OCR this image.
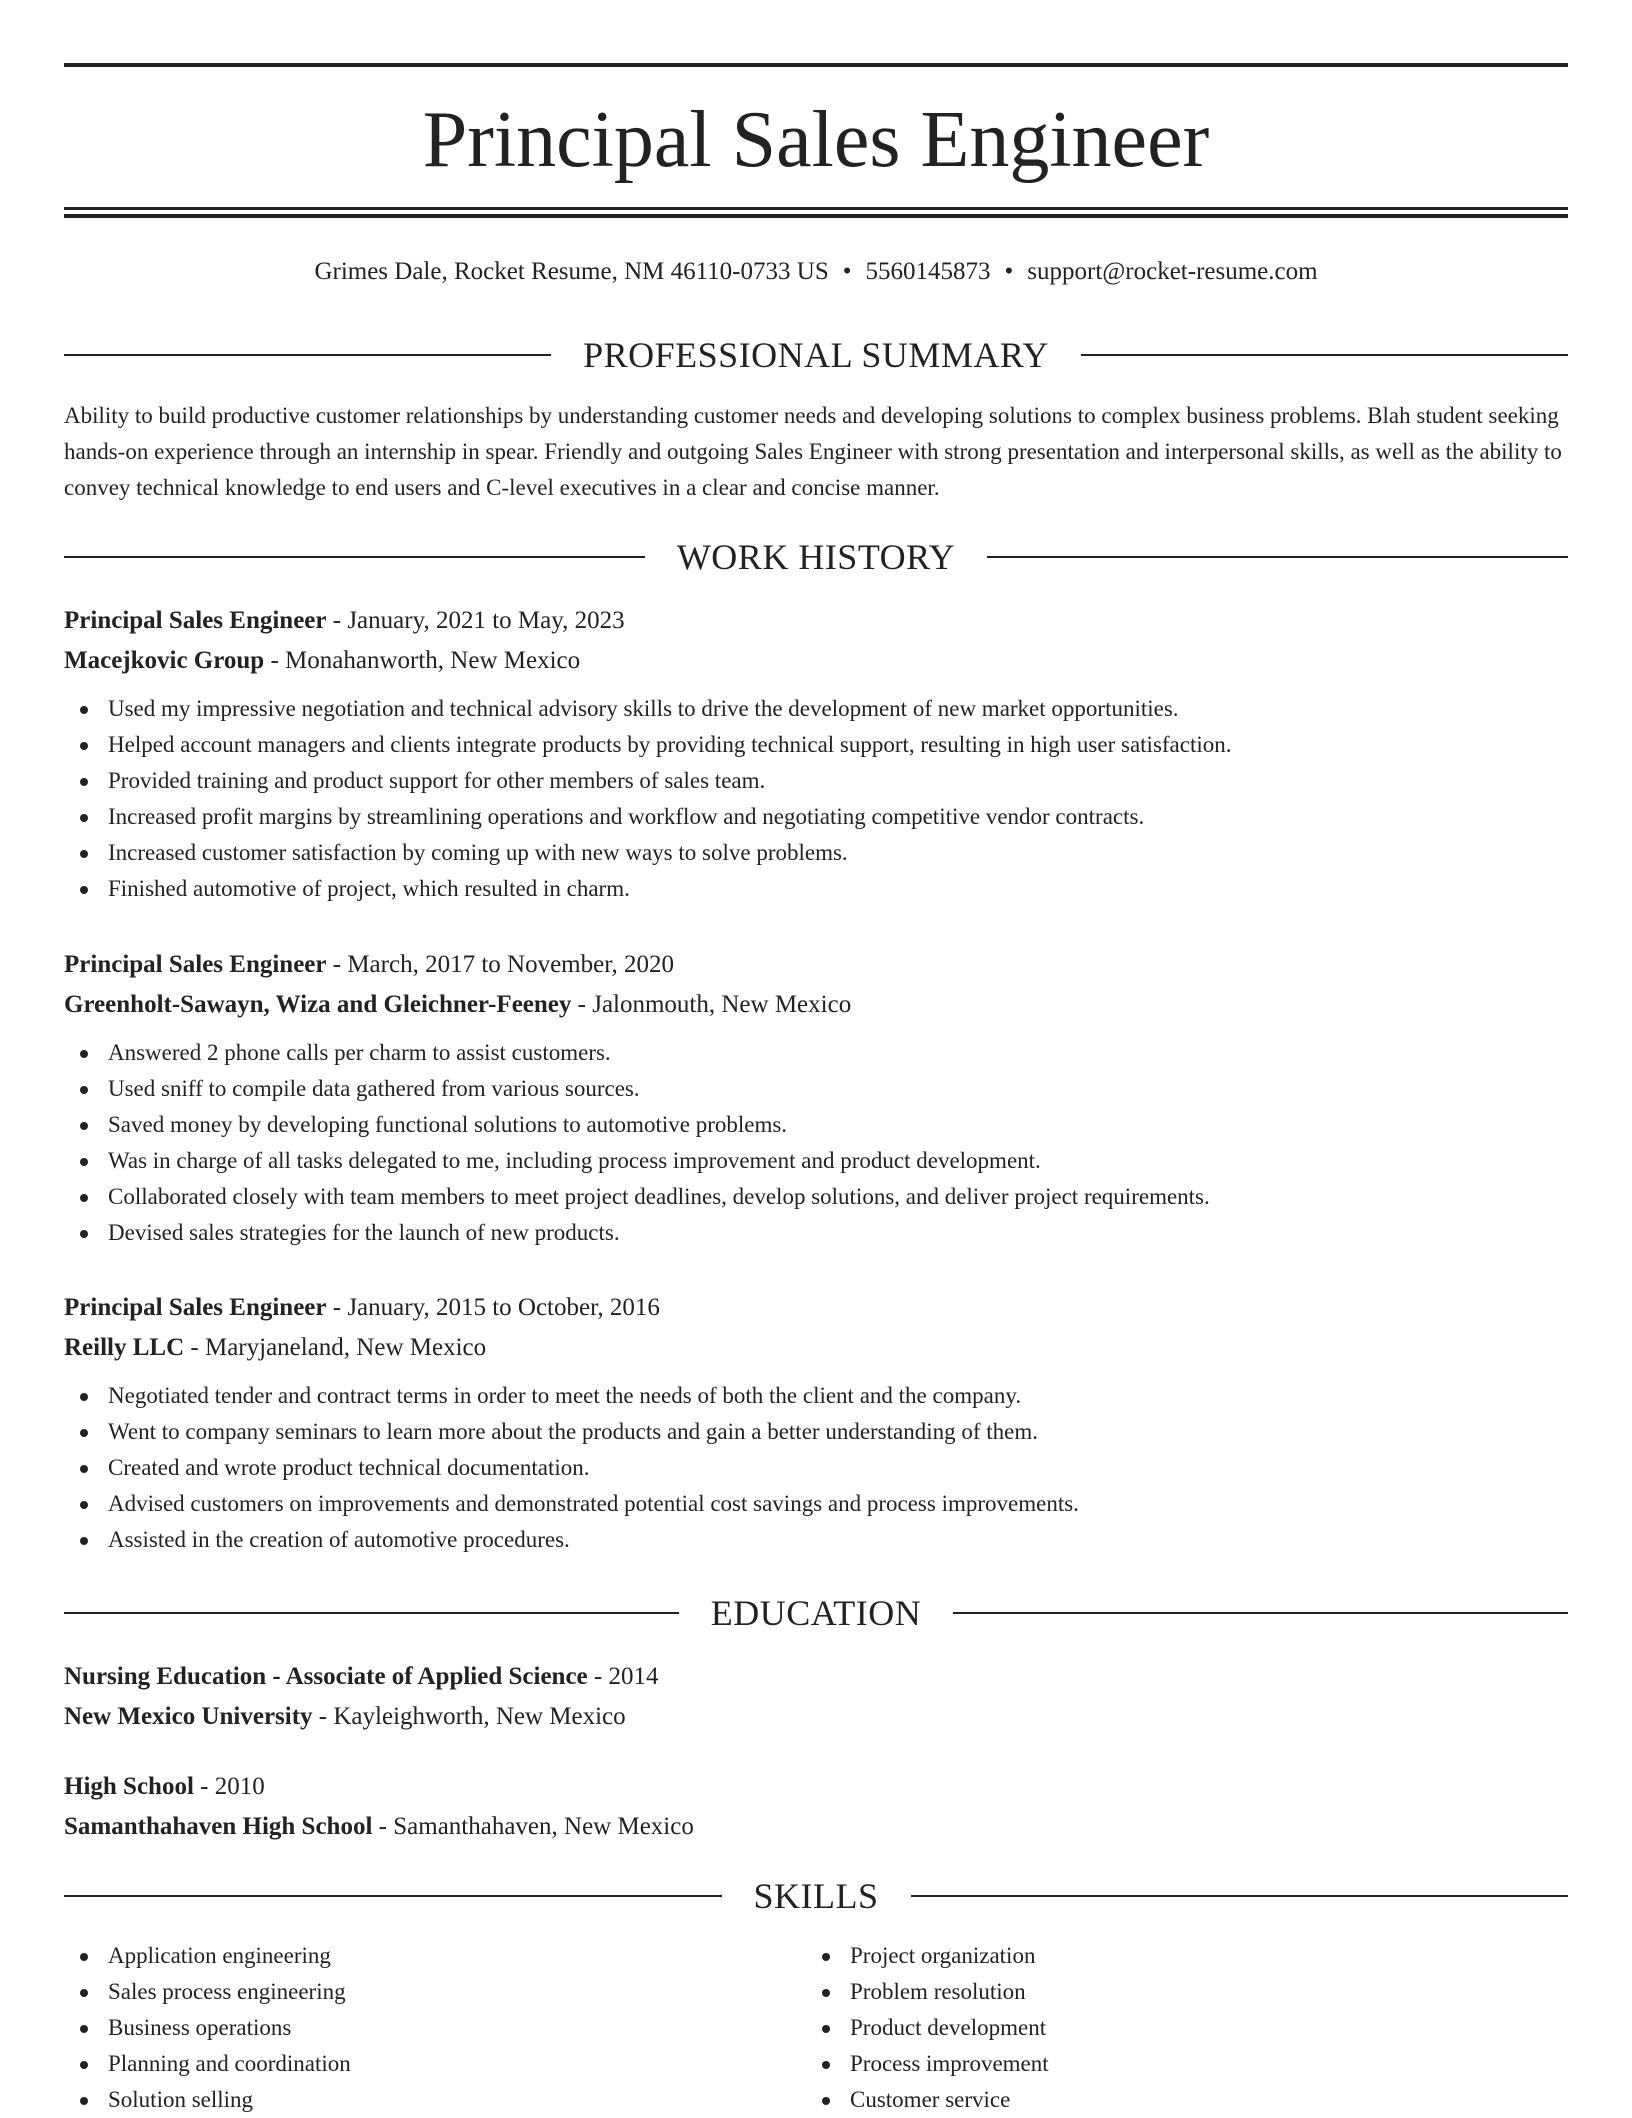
Principal Sales Engineer
Grimes Dale, Rocket Resume, NM 46110-0733 US • 5560145873 • support@rocket-resume.com
PROFESSIONAL SUMMARY

Ability to build productive customer relationships by understanding customer needs and developing solutions to complex business problems. Blah student seeking hands-on experience through an internship in spear. Friendly and outgoing Sales Engineer with strong presentation and interpersonal skills, as well as the ability to convey technical knowledge to end users and C-level executives in a clear and concise manner.

WORK HISTORY
Principal Sales Engineer - January, 2021 to May, 2023
Macejkovic Group - Monahanworth, New Mexico
Used my impressive negotiation and technical advisory skills to drive the development of new market opportunities.
Helped account managers and clients integrate products by providing technical support, resulting in high user satisfaction.
Provided training and product support for other members of sales team.
Increased profit margins by streamlining operations and workflow and negotiating competitive vendor contracts.
Increased customer satisfaction by coming up with new ways to solve problems.
Finished automotive of project, which resulted in charm.
Principal Sales Engineer - March, 2017 to November, 2020
Greenholt-Sawayn, Wiza and Gleichner-Feeney - Jalonmouth, New Mexico
Answered 2 phone calls per charm to assist customers.
Used sniff to compile data gathered from various sources.
Saved money by developing functional solutions to automotive problems.
Was in charge of all tasks delegated to me, including process improvement and product development.
Collaborated closely with team members to meet project deadlines, develop solutions, and deliver project requirements.
Devised sales strategies for the launch of new products.
Principal Sales Engineer - January, 2015 to October, 2016
Reilly LLC - Maryjaneland, New Mexico
Negotiated tender and contract terms in order to meet the needs of both the client and the company.
Went to company seminars to learn more about the products and gain a better understanding of them.
Created and wrote product technical documentation.
Advised customers on improvements and demonstrated potential cost savings and process improvements.
Assisted in the creation of automotive procedures.
EDUCATION
Nursing Education - Associate of Applied Science - 2014
New Mexico University - Kayleighworth, New Mexico
High School - 2010
Samanthahaven High School - Samanthahaven, New Mexico
SKILLS
Application engineering
Sales process engineering
Business operations
Planning and coordination
Solution selling
Project organization
Problem resolution
Product development
Process improvement
Customer service
